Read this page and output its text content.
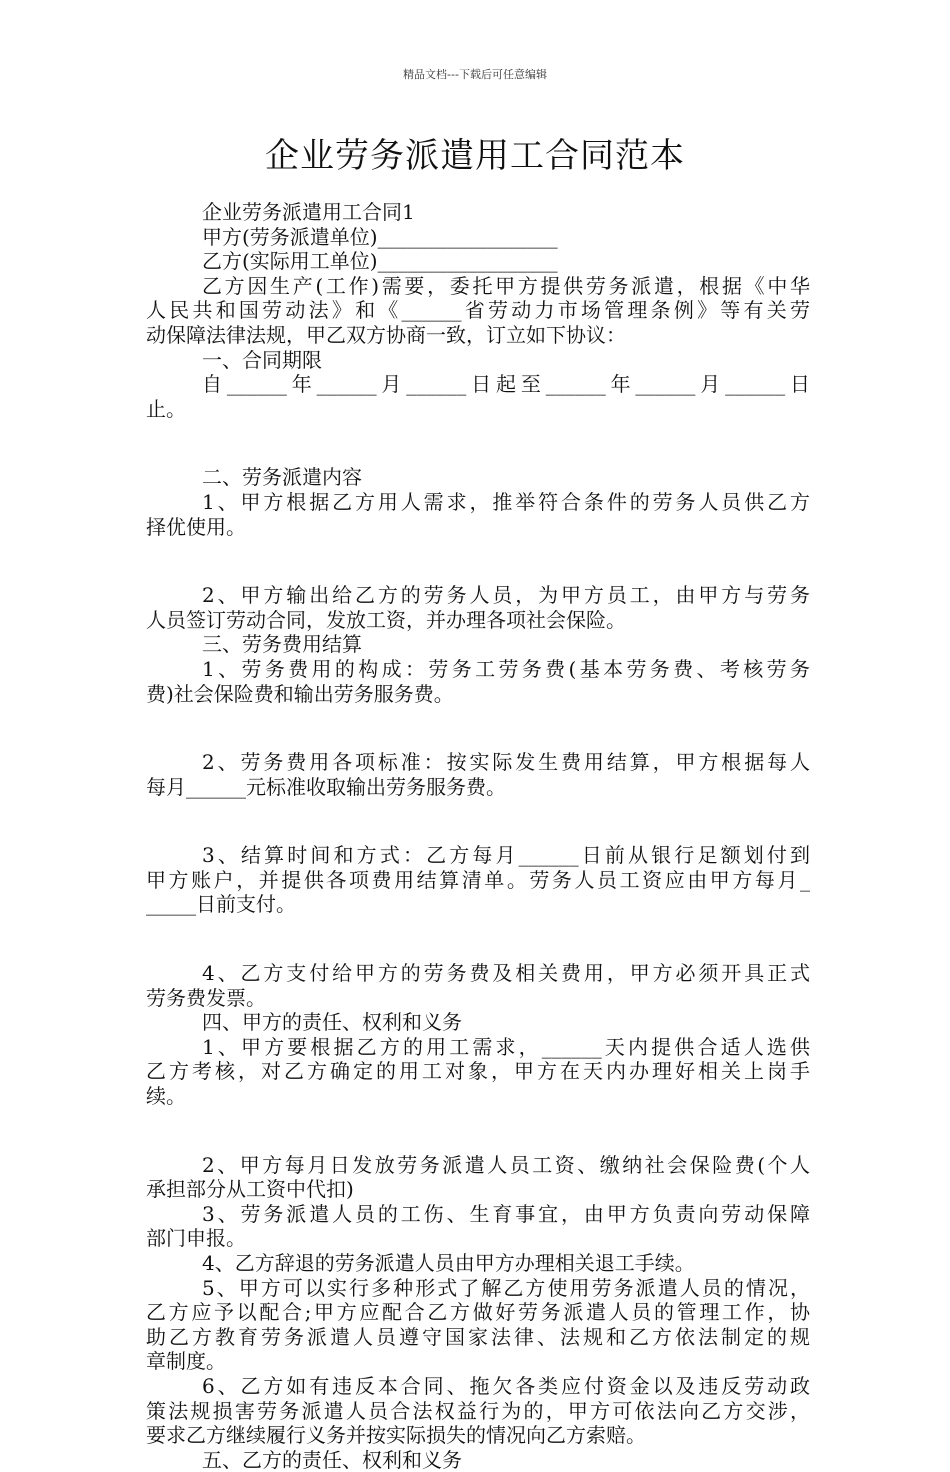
精品文档---下载后可任意编辑
企业劳务派遣用工合同范本

企业劳务派遣用工合同1

甲方(劳务派遣单位)__________________

乙方(实际用工单位)__________________

乙方因生产(工作)需要，委托甲方提供劳务派遣，根据《中华

人民共和国劳动法》和《______省劳动力市场管理条例》等有关劳

动保障法律法规，甲乙双方协商一致，订立如下协议：

一、合同期限

自______年______月______日起至______年______月______日

止。

二、劳务派遣内容

1、甲方根据乙方用人需求，推举符合条件的劳务人员供乙方

择优使用。

2、甲方输出给乙方的劳务人员，为甲方员工，由甲方与劳务

人员签订劳动合同，发放工资，并办理各项社会保险。

三、劳务费用结算

1、劳务费用的构成：劳务工劳务费(基本劳务费、考核劳务

费)社会保险费和输出劳务服务费。

2、劳务费用各项标准：按实际发生费用结算，甲方根据每人

每月______元标准收取输出劳务服务费。

3、结算时间和方式：乙方每月______日前从银行足额划付到

甲方账户，并提供各项费用结算清单。劳务人员工资应由甲方每月_

_____日前支付。

4、乙方支付给甲方的劳务费及相关费用，甲方必须开具正式

劳务费发票。

四、甲方的责任、权利和义务

1、甲方要根据乙方的用工需求，______天内提供合适人选供

乙方考核，对乙方确定的用工对象，甲方在天内办理好相关上岗手

续。

2、甲方每月日发放劳务派遣人员工资、缴纳社会保险费(个人

承担部分从工资中代扣)

3、劳务派遣人员的工伤、生育事宜，由甲方负责向劳动保障

部门申报。

4、乙方辞退的劳务派遣人员由甲方办理相关退工手续。

5、甲方可以实行多种形式了解乙方使用劳务派遣人员的情况，

乙方应予以配合;甲方应配合乙方做好劳务派遣人员的管理工作，协

助乙方教育劳务派遣人员遵守国家法律、法规和乙方依法制定的规

章制度。

6、乙方如有违反本合同、拖欠各类应付资金以及违反劳动政

策法规损害劳务派遣人员合法权益行为的，甲方可依法向乙方交涉，

要求乙方继续履行义务并按实际损失的情况向乙方索赔。

五、乙方的责任、权利和义务
